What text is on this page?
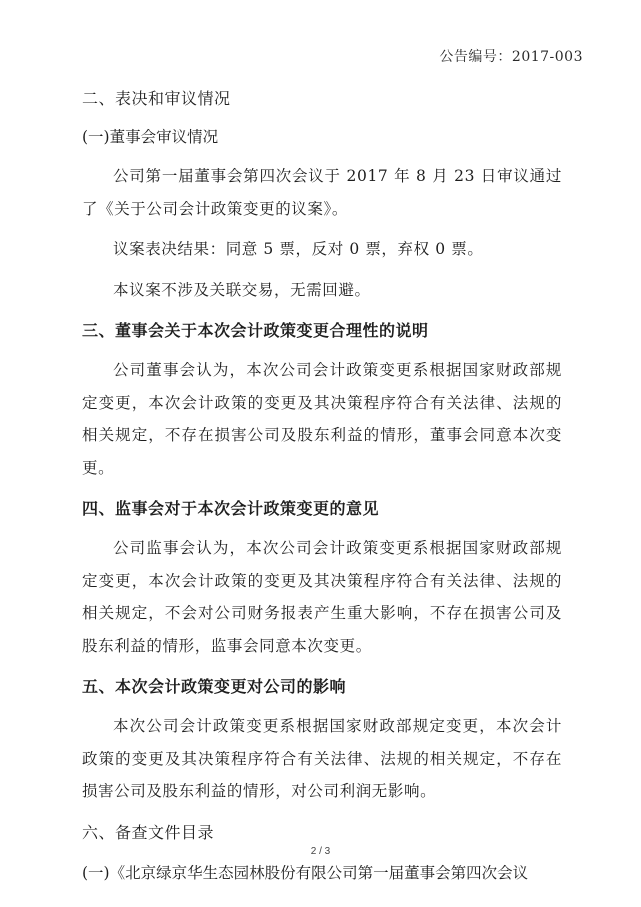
公告编号：2017-003

二、表决和审议情况

(一)董事会审议情况

公司第一届董事会第四次会议于 2017 年 8 月 23 日审议通过了《关于公司会计政策变更的议案》。

议案表决结果：同意 5 票，反对 0 票，弃权 0 票。

本议案不涉及关联交易，无需回避。

三、董事会关于本次会计政策变更合理性的说明

公司董事会认为，本次公司会计政策变更系根据国家财政部规定变更，本次会计政策的变更及其决策程序符合有关法律、法规的相关规定，不存在损害公司及股东利益的情形，董事会同意本次变更。

四、监事会对于本次会计政策变更的意见

公司监事会认为，本次公司会计政策变更系根据国家财政部规定变更，本次会计政策的变更及其决策程序符合有关法律、法规的相关规定，不会对公司财务报表产生重大影响，不存在损害公司及股东利益的情形，监事会同意本次变更。

五、本次会计政策变更对公司的影响

本次公司会计政策变更系根据国家财政部规定变更，本次会计政策的变更及其决策程序符合有关法律、法规的相关规定，不存在损害公司及股东利益的情形，对公司利润无影响。

六、备查文件目录

(一)《北京绿京华生态园林股份有限公司第一届董事会第四次会议

2 / 3
